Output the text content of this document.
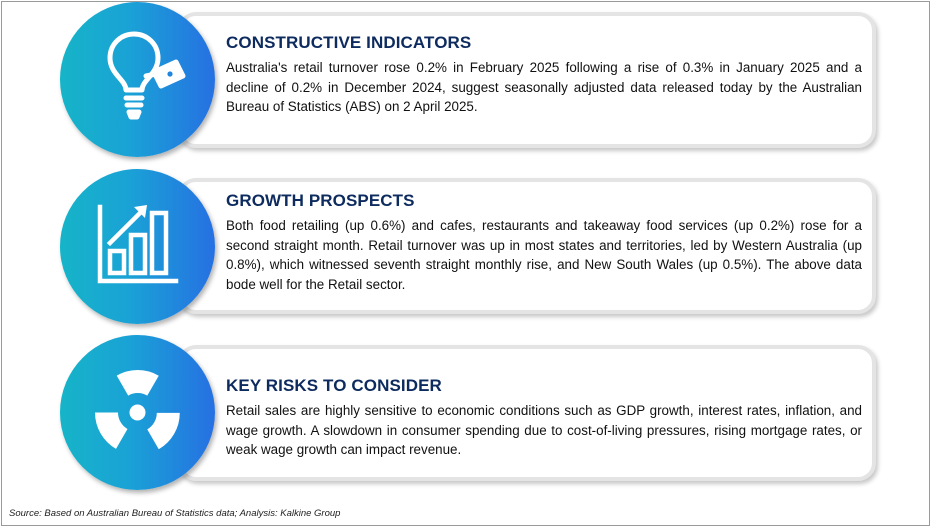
CONSTRUCTIVE INDICATORS

Australia's retail turnover rose 0.2% in February 2025 following a rise of 0.3% in January 2025 and a decline of 0.2% in December 2024, suggest seasonally adjusted data released today by the Australian Bureau of Statistics (ABS) on 2 April 2025.

GROWTH PROSPECTS

Both food retailing (up 0.6%) and cafes, restaurants and takeaway food services (up 0.2%) rose for a second straight month. Retail turnover was up in most states and territories, led by Western Australia (up 0.8%), which witnessed seventh straight monthly rise, and New South Wales (up 0.5%). The above data bode well for the Retail sector.

KEY RISKS TO CONSIDER

Retail sales are highly sensitive to economic conditions such as GDP growth, interest rates, inflation, and wage growth. A slowdown in consumer spending due to cost-of-living pressures, rising mortgage rates, or weak wage growth can impact revenue.

Source: Based on Australian Bureau of Statistics data; Analysis: Kalkine Group
